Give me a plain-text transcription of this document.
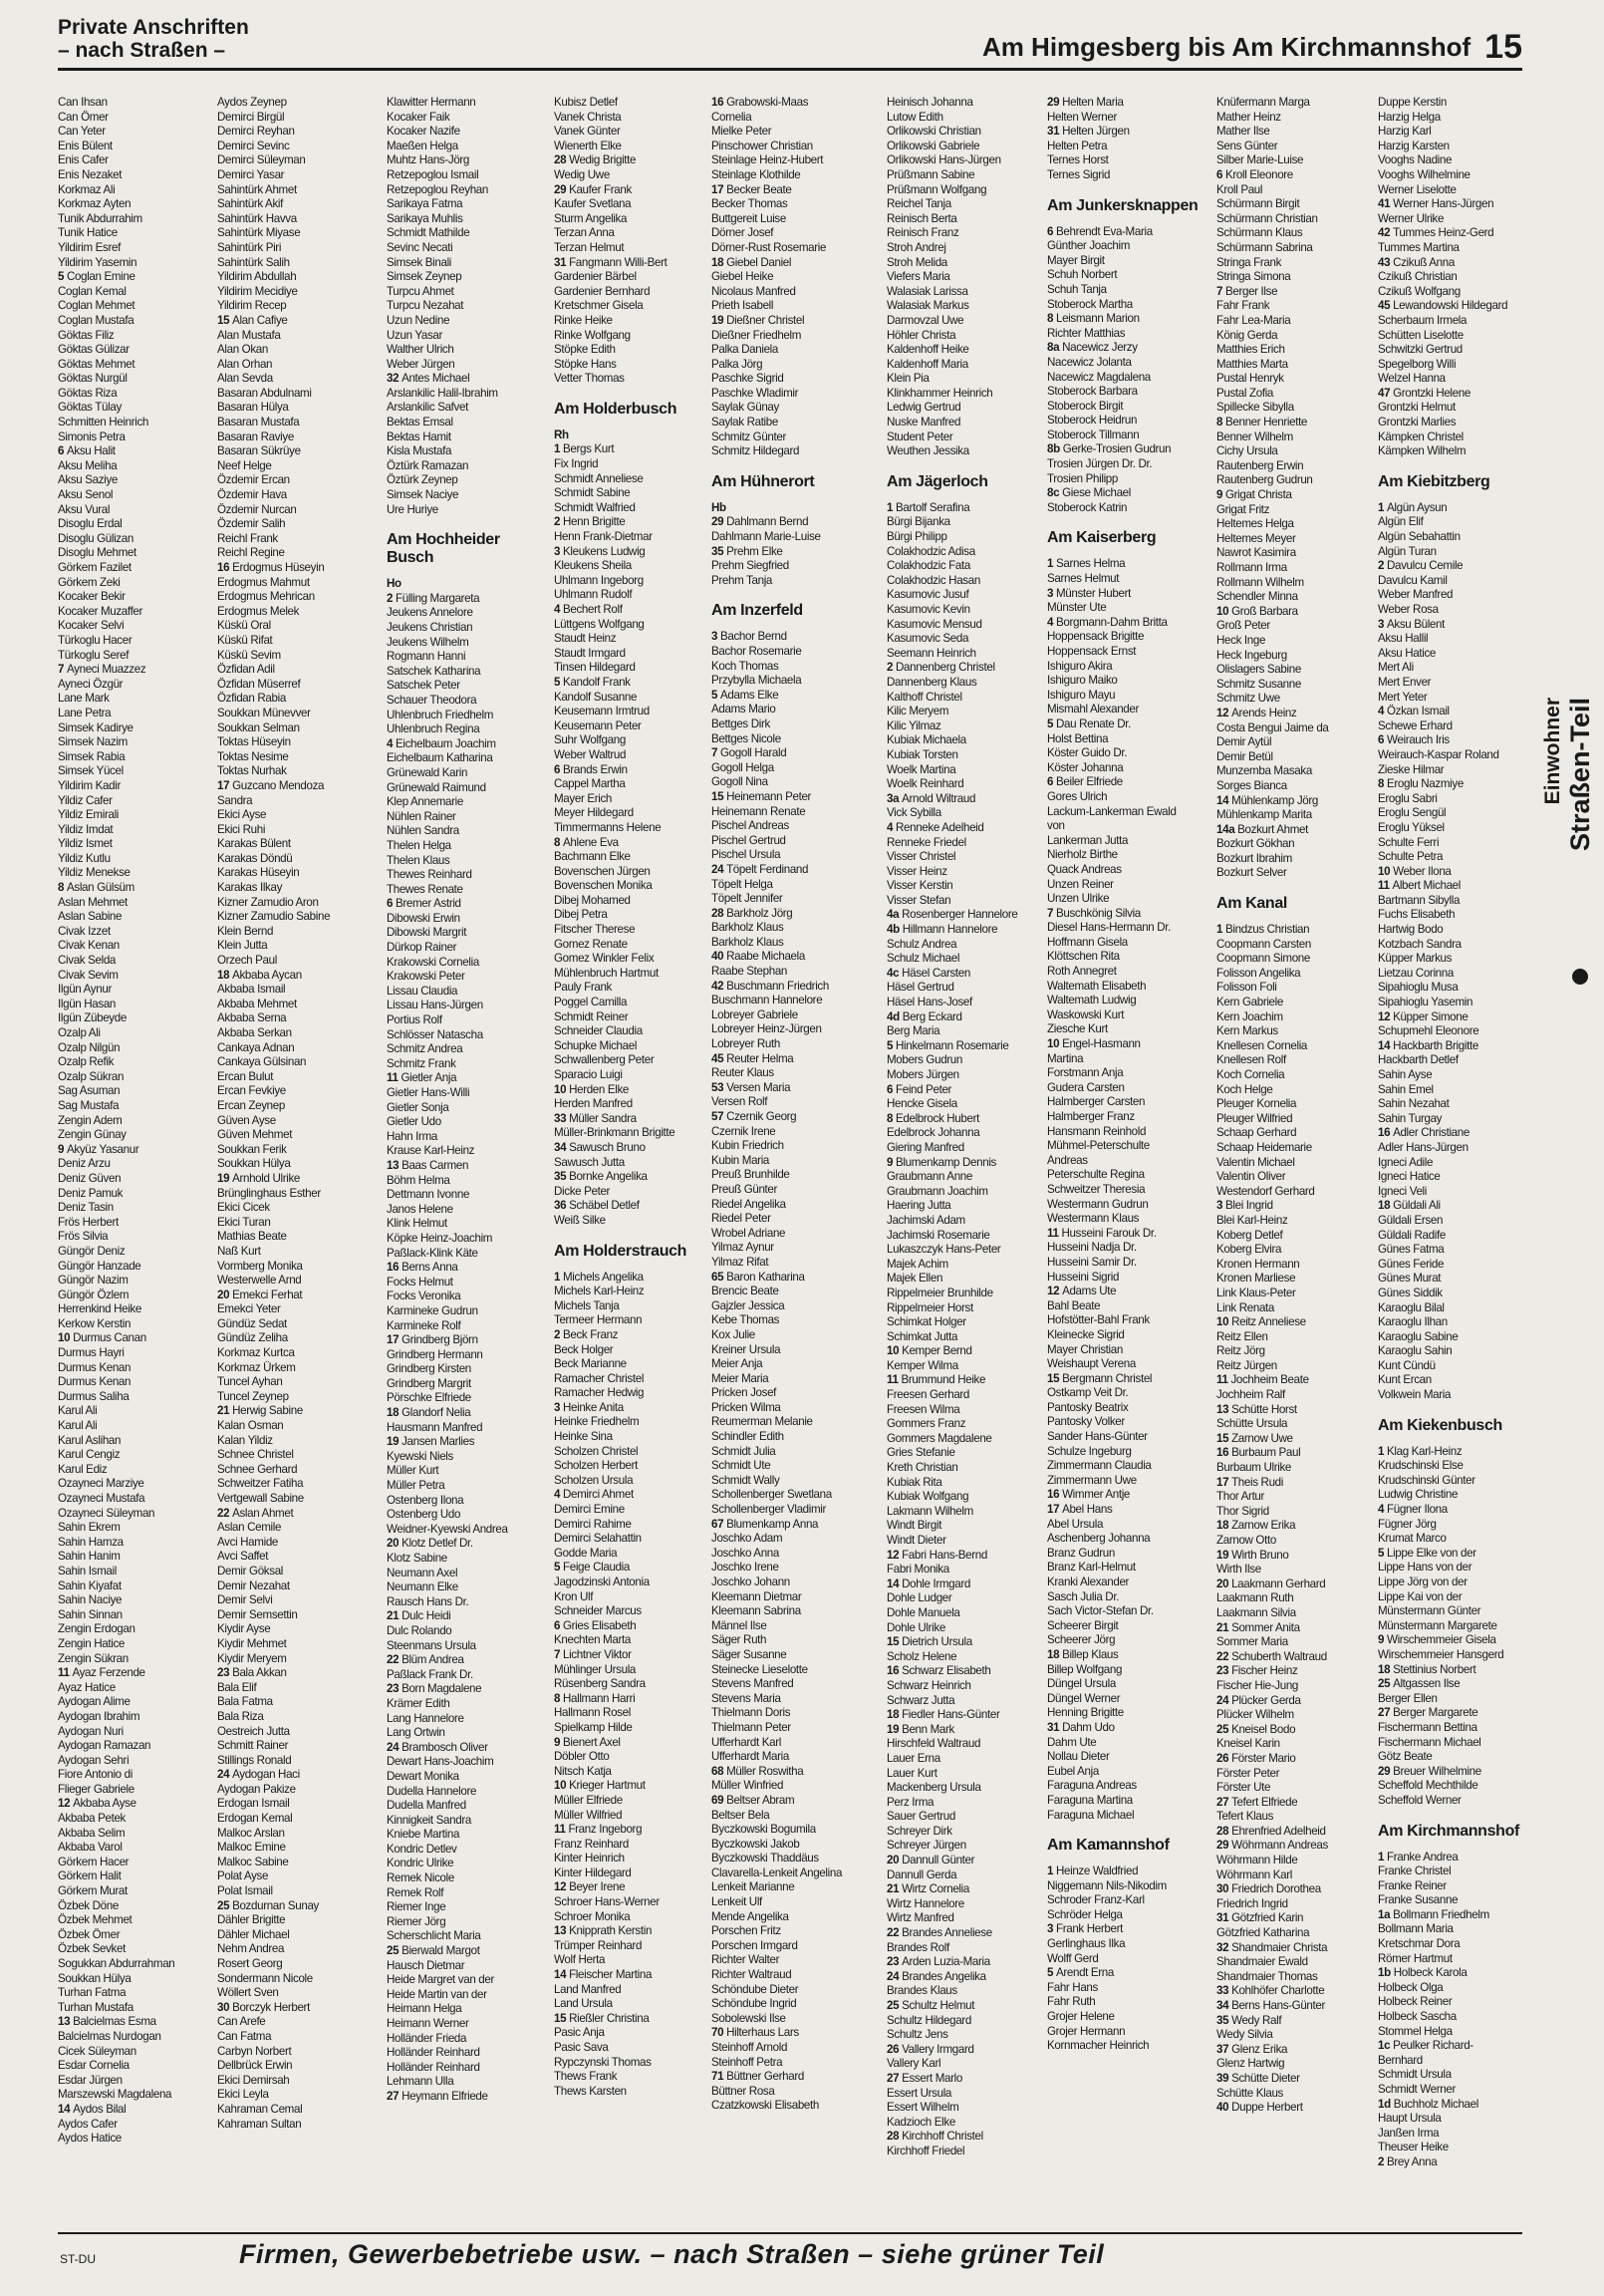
Private Anschriften
– nach Straßen –	Am Himgesberg bis Am Kirchmannshof 15
Can Ihsan
Can Ömer
Can Yeter
Enis Bülent
Enis Cafer
Enis Nezaket
Korkmaz Ali
Korkmaz Ayten
Tunik Abdurrahim
Tunik Hatice
Yildirim Esref
Yildirim Yasemin
5 Coglan Emine
Coglan Kemal
Coglan Mehmet
Coglan Mustafa
Göktas Filiz
Göktas Gülizar
Göktas Mehmet
Göktas Nurgül
Göktas Riza
Göktas Tülay
Schmitten Heinrich
Simonis Petra
6 Aksu Halit
Aksu Meliha
Aksu Saziye
Aksu Senol
Aksu Vural
Disoglu Erdal
Disoglu Gülizan
Disoglu Mehmet
Görkem Fazilet
Görkem Zeki
Kocaker Bekir
Kocaker Muzaffer
Kocaker Selvi
Türkoglu Hacer
Türkoglu Seref
7 Ayneci Muazzez
Ayneci Özgür
Lane Mark
Lane Petra
Simsek Kadirye
Simsek Nazim
Simsek Rabia
Simsek Yücel
Yildirim Kadir
Yildiz Cafer
Yildiz Emirali
Yildiz Imdat
Yildiz Ismet
Yildiz Kutlu
Yildiz Menekse
8 Aslan Gülsüm
Aslan Mehmet
Aslan Sabine
Civak Izzet
Civak Kenan
Civak Selda
Civak Sevim
Ilgün Aynur
Ilgün Hasan
Ilgün Zübeyde
Ozalp Ali
Ozalp Nilgün
Ozalp Refik
Ozalp Sükran
Sag Asuman
Sag Mustafa
Zengin Adem
Zengin Günay
9 Akyüz Yasanur
Deniz Arzu
Deniz Güven
Deniz Pamuk
Deniz Tasin
Frös Herbert
Frös Silvia
Güngör Deniz
Güngör Hanzade
Güngör Nazim
Güngör Özlem
Herrenkind Heike
Kerkow Kerstin
10 Durmus Canan
Durmus Hayri
Durmus Kenan
Durmus Kenan
Durmus Saliha
Karul Ali
Karul Ali
Karul Aslihan
Karul Cengiz
Karul Ediz
Ozayneci Marziye
Ozayneci Mustafa
Ozayneci Süleyman
Sahin Ekrem
Sahin Hamza
Sahin Hanim
Sahin Ismail
Sahin Kiyafat
Sahin Naciye
Sahin Sinnan
Zengin Erdogan
Zengin Hatice
Zengin Sükran
11 Ayaz Ferzende
Ayaz Hatice
Aydogan Alime
Aydogan Ibrahim
Aydogan Nuri
Aydogan Ramazan
Aydogan Sehri
Fiore Antonio di
Flieger Gabriele
12 Akbaba Ayse
Akbaba Petek
Akbaba Selim
Akbaba Varol
Görkem Hacer
Görkem Halit
Görkem Murat
Özbek Döne
Özbek Mehmet
Özbek Ömer
Özbek Sevket
Sogukkan Abdurrahman
Soukkan Hülya
Turhan Fatma
Turhan Mustafa
13 Balcielmas Esma
Balcielmas Nurdogan
Cicek Süleyman
Esdar Cornelia
Esdar Jürgen
Marszewski Magdalena
14 Aydos Bilal
Aydos Cafer
Aydos Hatice
Aydos Zeynep
Demirci Birgül
Demirci Reyhan
Demirci Sevinc
Demirci Süleyman
Demirci Yasar
Sahintürk Ahmet
Sahintürk Akif
Sahintürk Havva
Sahintürk Miyase
Sahintürk Piri
Sahintürk Salih
Yildirim Abdullah
Yildirim Mecidiye
Yildirim Recep
15 Alan Cafiye
Alan Mustafa
Alan Okan
Alan Orhan
Alan Sevda
Basaran Abdulnami
Basaran Hülya
Basaran Mustafa
Basaran Raviye
Basaran Sükrüye
Neef Helge
Özdemir Ercan
Özdemir Hava
Özdemir Nurcan
Özdemir Salih
Reichl Frank
Reichl Regine
16 Erdogmus Hüseyin
Erdogmus Mahmut
Erdogmus Mehrican
Erdogmus Melek
Küskü Oral
Küskü Rifat
Küskü Sevim
Özfidan Adil
Özfidan Müserref
Özfidan Rabia
Soukkan Münevver
Soukkan Selman
Toktas Hüseyin
Toktas Nesime
Toktas Nurhak
17 Guzcano Mendoza
Sandra
Ekici Ayse
Ekici Ruhi
Karakas Bülent
Karakas Döndü
Karakas Hüseyin
Karakas Ilkay
Kizner Zamudio Aron
Kizner Zamudio Sabine
Klein Bernd
Klein Jutta
Orzech Paul
18 Akbaba Aycan
Akbaba Ismail
Akbaba Mehmet
Akbaba Serna
Akbaba Serkan
Cankaya Adnan
Cankaya Gülsinan
Ercan Bulut
Ercan Fevkiye
Ercan Zeynep
Güven Ayse
Güven Mehmet
Soukkan Ferik
Soukkan Hülya
19 Arnhold Ulrike
Brünglinghaus Esther
Ekici Cicek
Ekici Turan
Mathias Beate
Naß Kurt
Vormberg Monika
Westerwelle Arnd
20 Emekci Ferhat
Emekci Yeter
Gündüz Sedat
Gündüz Zeliha
Korkmaz Kurtca
Korkmaz Ürkem
Tuncel Ayhan
Tuncel Zeynep
21 Herwig Sabine
Kalan Osman
Kalan Yildiz
Schnee Christel
Schnee Gerhard
Schweitzer Fatiha
Vertgewall Sabine
22 Aslan Ahmet
Aslan Cemile
Avci Hamide
Avci Saffet
Demir Göksal
Demir Nezahat
Demir Selvi
Demir Semsettin
Kiydir Ayse
Kiydir Mehmet
Kiydir Meryem
23 Bala Akkan
Bala Elif
Bala Fatma
Bala Riza
Oestreich Jutta
Schmitt Rainer
Stillings Ronald
24 Aydogan Haci
Aydogan Pakize
Erdogan Ismail
Erdogan Kemal
Malkoc Arslan
Malkoc Emine
Malkoc Sabine
Polat Ayse
Polat Ismail
25 Bozdurnan Sunay
Dähler Brigitte
Dähler Michael
Nehm Andrea
Rosert Georg
Sondermann Nicole
Wöllert Sven
30 Borczyk Herbert
Can Arefe
Can Fatma
Carbyn Norbert
Dellbrück Erwin
Ekici Demirsah
Ekici Leyla
Kahraman Cemal
Kahraman Sultan
Klawitter Hermann
Kocaker Faik
Kocaker Nazife
Maeßen Helga
Muhtz Hans-Jörg
Retzepoglou Ismail
Retzepoglou Reyhan
Sarikaya Fatma
Sarikaya Muhlis
Schmidt Mathilde
Sevinc Necati
Simsek Binali
Simsek Zeynep
Turpcu Ahmet
Turpcu Nezahat
Uzun Nedine
Uzun Yasar
Walther Ulrich
Weber Jürgen
32 Antes Michael
Arslankilic Halil-Ibrahim
Arslankilic Safvet
Bektas Emsal
Bektas Hamit
Kisla Mustafa
Öztürk Ramazan
Öztürk Zeynep
Simsek Naciye
Ure Huriye
Am Hochheider Busch
Ho
2 Fülling Margareta
Jeukens Annelore
Jeukens Christian
Jeukens Wilhelm
Rogmann Hanni
Satschek Katharina
Satschek Peter
Schauer Theodora
Uhlenbruch Friedhelm
Uhlenbruch Regina
4 Eichelbaum Joachim
Eichelbaum Katharina
Grünewald Karin
Grünewald Raimund
Klep Annemarie
Nühlen Rainer
Nühlen Sandra
Thelen Helga
Thelen Klaus
Thewes Reinhard
Thewes Renate
6 Bremer Astrid
Dibowski Erwin
Dibowski Margrit
Dürkop Rainer
Krakowski Cornelia
Krakowski Peter
Lissau Claudia
Lissau Hans-Jürgen
Portius Rolf
Schlösser Natascha
Schmitz Andrea
Schmitz Frank
11 Gietler Anja
Gietler Hans-Willi
Gietler Sonja
Gietler Udo
Hahn Irma
Krause Karl-Heinz
13 Baas Carmen
Böhm Helma
Dettmann Ivonne
Janos Helene
Klink Helmut
Köpke Heinz-Joachim
Paßlack-Klink Käte
16 Berns Anna
Focks Helmut
Focks Veronika
Karmineke Gudrun
Karmineke Rolf
17 Grindberg Björn
Grindberg Hermann
Grindberg Kirsten
Grindberg Margrit
Pörschke Elfriede
18 Glandorf Nelia
Hausmann Manfred
19 Jansen Marlies
Kyewski Niels
Müller Kurt
Müller Petra
Ostenberg Ilona
Ostenberg Udo
Weidner-Kyewski Andrea
20 Klotz Detlef Dr.
Klotz Sabine
Neumann Axel
Neumann Elke
Rausch Hans Dr.
21 Dulc Heidi
Dulc Rolando
Steenmans Ursula
22 Blüm Andrea
Paßlack Frank Dr.
23 Born Magdalene
Krämer Edith
Lang Hannelore
Lang Ortwin
24 Brambosch Oliver
Dewart Hans-Joachim
Dewart Monika
Dudella Hannelore
Dudella Manfred
Kinnigkeit Sandra
Kniebe Martina
Kondric Detlev
Kondric Ulrike
Remek Nicole
Remek Rolf
Riemer Inge
Riemer Jörg
Scherschlicht Maria
25 Bierwald Margot
Hausch Dietmar
Heide Margret van der
Heide Martin van der
Heimann Helga
Heimann Werner
Holländer Frieda
Holländer Reinhard
Holländer Reinhard
Lehmann Ulla
27 Heymann Elfriede
Kubisz Detlef
Vanek Christa
Vanek Günter
Wienerth Elke
28 Wedig Brigitte
Wedig Uwe
29 Kaufer Frank
Kaufer Svetlana
Sturm Angelika
Terzan Anna
Terzan Helmut
31 Fangmann Willi-Bert
Gardenier Bärbel
Gardenier Bernhard
Kretschmer Gisela
Rinke Heike
Rinke Wolfgang
Stöpke Edith
Stöpke Hans
Vetter Thomas
Am Holderbusch
Rh
1 Bergs Kurt
Fix Ingrid
Schmidt Anneliese
Schmidt Sabine
Schmidt Walfried
2 Henn Brigitte
Henn Frank-Dietmar
3 Kleukens Ludwig
Kleukens Sheila
Uhlmann Ingeborg
Uhlmann Rudolf
4 Bechert Rolf
Lüttgens Wolfgang
Staudt Heinz
Staudt Irmgard
Tinsen Hildegard
5 Kandolf Frank
Kandolf Susanne
Keusemann Irmtrud
Keusemann Peter
Suhr Wolfgang
Weber Waltrud
6 Brands Erwin
Cappel Martha
Mayer Erich
Meyer Hildegard
Timmermanns Helene
8 Ahlene Eva
Bachmann Elke
Bovenschen Jürgen
Bovenschen Monika
Dibej Mohamed
Dibej Petra
Fitscher Therese
Gomez Renate
Gomez Winkler Felix
Mühlenbruch Hartmut
Pauly Frank
Poggel Camilla
Schmidt Reiner
Schneider Claudia
Schupke Michael
Schwallenberg Peter
Sparacio Luigi
10 Herden Elke
Herden Manfred
33 Müller Sandra
Müller-Brinkmann Brigitte
34 Sawusch Bruno
Sawusch Jutta
35 Bornke Angelika
Dicke Peter
36 Schäbel Detlef
Weiß Silke
Am Holderstrauch
1 Michels Angelika
Michels Karl-Heinz
Michels Tanja
Termeer Hermann
2 Beck Franz
Beck Holger
Beck Marianne
Ramacher Christel
Ramacher Hedwig
3 Heinke Anita
Heinke Friedhelm
Heinke Sina
Scholzen Christel
Scholzen Herbert
Scholzen Ursula
4 Demirci Ahmet
Demirci Emine
Demirci Rahime
Demirci Selahattin
Godde Maria
5 Feige Claudia
Jagodzinski Antonia
Kron Ulf
Schneider Marcus
6 Gries Elisabeth
Knechten Marta
7 Lichtner Viktor
Mühlinger Ursula
Rüsenberg Sandra
8 Hallmann Harri
Hallmann Rosel
Spielkamp Hilde
9 Bienert Axel
Döbler Otto
Nitsch Katja
10 Krieger Hartmut
Müller Elfriede
Müller Wilfried
11 Franz Ingeborg
Franz Reinhard
Kinter Heinrich
Kinter Hildegard
12 Beyer Irene
Schroer Hans-Werner
Schroer Monika
13 Knipprath Kerstin
Trümper Reinhard
Wolf Herta
14 Fleischer Martina
Land Manfred
Land Ursula
15 Rießler Christina
Pasic Anja
Pasic Sava
Rypczynski Thomas
Thews Frank
Thews Karsten
16 Grabowski-Maas
Cornelia
Mielke Peter
Pinschower Christian
Steinlage Heinz-Hubert
Steinlage Klothilde
17 Becker Beate
Becker Thomas
Buttgereit Luise
Dörner Josef
Dörner-Rust Rosemarie
18 Giebel Daniel
Giebel Heike
Nicolaus Manfred
Prieth Isabell
19 Dießner Christel
Dießner Friedhelm
Palka Daniela
Palka Jörg
Paschke Sigrid
Paschke Wladimir
Saylak Günay
Saylak Ratibe
Schmitz Günter
Schmitz Hildegard
Am Hühnerort
Hb
29 Dahlmann Bernd
Dahlmann Marie-Luise
35 Prehm Elke
Prehm Siegfried
Prehm Tanja
Am Inzerfeld
3 Bachor Bernd
Bachor Rosemarie
Koch Thomas
Przybylla Michaela
5 Adams Elke
Adams Mario
Bettges Dirk
Bettges Nicole
7 Gogoll Harald
Gogoll Helga
Gogoll Nina
15 Heinemann Peter
Heinemann Renate
Pischel Andreas
Pischel Gertrud
Pischel Ursula
24 Töpelt Ferdinand
Töpelt Helga
Töpelt Jennifer
28 Barkholz Jörg
Barkholz Klaus
Barkholz Klaus
40 Raabe Michaela
Raabe Stephan
42 Buschmann Friedrich
Buschmann Hannelore
Lobreyer Gabriele
Lobreyer Heinz-Jürgen
Lobreyer Ruth
45 Reuter Helma
Reuter Klaus
53 Versen Maria
Versen Rolf
57 Czernik Georg
Czernik Irene
Kubin Friedrich
Kubin Maria
Preuß Brunhilde
Preuß Günter
Riedel Angelika
Riedel Peter
Wrobel Adriane
Yilmaz Aynur
Yilmaz Rifat
65 Baron Katharina
Brencic Beate
Gajzler Jessica
Kebe Thomas
Kox Julie
Kreiner Ursula
Meier Anja
Meier Maria
Pricken Josef
Pricken Wilma
Reumerman Melanie
Schindler Edith
Schmidt Julia
Schmidt Ute
Schmidt Wally
Schollenberger Swetlana
Schollenberger Vladimir
67 Blumenkamp Anna
Joschko Adam
Joschko Anna
Joschko Irene
Joschko Johann
Kleemann Dietmar
Kleemann Sabrina
Männel Ilse
Säger Ruth
Säger Susanne
Steinecke Lieselotte
Stevens Manfred
Stevens Maria
Thielmann Doris
Thielmann Peter
Ufferhardt Karl
Ufferhardt Maria
68 Müller Roswitha
Müller Winfried
69 Beltser Abram
Beltser Bela
Byczkowski Bogumila
Byczkowski Jakob
Byczkowski Thaddäus
Clavarella-Lenkeit Angelina
Lenkeit Marianne
Lenkeit Ulf
Mende Angelika
Porschen Fritz
Porschen Irmgard
Richter Walter
Richter Waltraud
Schöndube Dieter
Schöndube Ingrid
Sobolewski Ilse
70 Hilterhaus Lars
Steinhoff Arnold
Steinhoff Petra
71 Büttner Gerhard
Büttner Rosa
Czatzkowski Elisabeth
Heinisch Johanna
Lutow Edith
Orlikowski Christian
Orlikowski Gabriele
Orlikowski Hans-Jürgen
Prüßmann Sabine
Prüßmann Wolfgang
Reichel Tanja
Reinisch Berta
Reinisch Franz
Stroh Andrej
Stroh Melida
Viefers Maria
Walasiak Larissa
Walasiak Markus
Darmovzal Uwe
Höhler Christa
Kaldenhoff Heike
Kaldenhoff Maria
Klein Pia
Klinkhammer Heinrich
Ledwig Gertrud
Nuske Manfred
Student Peter
Weuthen Jessika
Am Jägerloch
1 Bartolf Serafina
Bürgi Bijanka
Bürgi Philipp
Colakhodzic Adisa
Colakhodzic Fata
Colakhodzic Hasan
Kasumovic Jusuf
Kasumovic Kevin
Kasumovic Mensud
Kasumovic Seda
Seemann Heinrich
2 Dannenberg Christel
Dannenberg Klaus
Kalthoff Christel
Kilic Meryem
Kilic Yilmaz
Kubiak Michaela
Kubiak Torsten
Woelk Martina
Woelk Reinhard
3a Arnold Wiltraud
Vick Sybilla
4 Renneke Adelheid
Renneke Friedel
Visser Christel
Visser Heinz
Visser Kerstin
Visser Stefan
4a Rosenberger Hannelore
4b Hillmann Hannelore
Schulz Andrea
Schulz Michael
4c Häsel Carsten
Häsel Gertrud
Häsel Hans-Josef
4d Berg Eckard
Berg Maria
5 Hinkelmann Rosemarie
Mobers Gudrun
Mobers Jürgen
6 Feind Peter
Hencke Gisela
8 Edelbrock Hubert
Edelbrock Johanna
Giering Manfred
9 Blumenkamp Dennis
Graubmann Anne
Graubmann Joachim
Haering Jutta
Jachimski Adam
Jachimski Rosemarie
Lukaszczyk Hans-Peter
Majek Achim
Majek Ellen
Rippelmeier Brunhilde
Rippelmeier Horst
Schimkat Holger
Schimkat Jutta
10 Kemper Bernd
Kemper Wilma
11 Brummund Heike
Freesen Gerhard
Freesen Wilma
Gommers Franz
Gommers Magdalene
Gries Stefanie
Kreth Christian
Kubiak Rita
Kubiak Wolfgang
Lakmann Wilhelm
Windt Birgit
Windt Dieter
12 Fabri Hans-Bernd
Fabri Monika
14 Dohle Irmgard
Dohle Ludger
Dohle Manuela
Dohle Ulrike
15 Dietrich Ursula
Scholz Helene
16 Schwarz Elisabeth
Schwarz Heinrich
Schwarz Jutta
18 Fiedler Hans-Günter
19 Benn Mark
Hirschfeld Waltraud
Lauer Erna
Lauer Kurt
Mackenberg Ursula
Perz Irma
Sauer Gertrud
Schreyer Dirk
Schreyer Jürgen
20 Dannull Günter
Dannull Gerda
21 Wirtz Cornelia
Wirtz Hannelore
Wirtz Manfred
22 Brandes Anneliese
Brandes Rolf
23 Arden Luzia-Maria
24 Brandes Angelika
Brandes Klaus
25 Schultz Helmut
Schultz Hildegard
Schultz Jens
26 Vallery Irmgard
Vallery Karl
27 Essert Marlo
Essert Ursula
Essert Wilhelm
Kadzioch Elke
28 Kirchhoff Christel
Kirchhoff Friedel
29 Helten Maria
Helten Werner
31 Helten Jürgen
Helten Petra
Ternes Horst
Ternes Sigrid
Am Junkersknappen
6 Behrendt Eva-Maria
Günther Joachim
Mayer Birgit
Schuh Norbert
Schuh Tanja
Stoberock Martha
8 Leismann Marion
Richter Matthias
8a Nacewicz Jerzy
Nacewicz Jolanta
Nacewicz Magdalena
Stoberock Barbara
Stoberock Birgit
Stoberock Heidrun
Stoberock Tillmann
8b Gerke-Trosien Gudrun
Trosien Jürgen Dr. Dr.
Trosien Philipp
8c Giese Michael
Stoberock Katrin
Am Kaiserberg
1 Sarnes Helma
Sarnes Helmut
3 Münster Hubert
Münster Ute
4 Borgmann-Dahm Britta
Hoppensack Brigitte
Hoppensack Ernst
Ishiguro Akira
Ishiguro Maiko
Ishiguro Mayu
Mismahl Alexander
5 Dau Renate Dr.
Holst Bettina
Köster Guido Dr.
Köster Johanna
6 Beiler Elfriede
Gores Ulrich
Lackum-Lankerman Ewald
von
Lankerman Jutta
Nierholz Birthe
Quack Andreas
Unzen Reiner
Unzen Ulrike
7 Buschkönig Silvia
Diesel Hans-Hermann Dr.
Hoffmann Gisela
Klöttschen Rita
Roth Annegret
Waltemath Elisabeth
Waltemath Ludwig
Waskowski Kurt
Ziesche Kurt
10 Engel-Hasmann
Martina
Forstmann Anja
Gudera Carsten
Halmberger Carsten
Halmberger Franz
Hansmann Reinhold
Mühmel-Peterschulte
Andreas
Peterschulte Regina
Schweitzer Theresia
Westermann Gudrun
Westermann Klaus
11 Husseini Farouk Dr.
Husseini Nadja Dr.
Husseini Samir Dr.
Husseini Sigrid
12 Adams Ute
Bahl Beate
Hofstötter-Bahl Frank
Kleinecke Sigrid
Mayer Christian
Weishaupt Verena
15 Bergmann Christel
Ostkamp Veit Dr.
Pantosky Beatrix
Pantosky Volker
Sander Hans-Günter
Schulze Ingeburg
Zimmermann Claudia
Zimmermann Uwe
16 Wimmer Antje
17 Abel Hans
Abel Ursula
Aschenberg Johanna
Branz Gudrun
Branz Karl-Helmut
Kranki Alexander
Sasch Julia Dr.
Sach Victor-Stefan Dr.
Scheerer Birgit
Scheerer Jörg
18 Billep Klaus
Billep Wolfgang
Düngel Ursula
Düngel Werner
Henning Brigitte
31 Dahm Udo
Dahm Ute
Nollau Dieter
Eubel Anja
Faraguna Andreas
Faraguna Martina
Faraguna Michael
Am Kamannshof
1 Heinze Waldfried
Niggemann Nils-Nikodim
Schroder Franz-Karl
Schröder Helga
3 Frank Herbert
Gerlinghaus Ilka
Wolff Gerd
5 Arendt Erna
Fahr Hans
Fahr Ruth
Grojer Helene
Grojer Hermann
Kornmacher Heinrich
Knüfermann Marga
Mather Heinz
Mather Ilse
Sens Günter
Silber Marie-Luise
6 Kroll Eleonore
Kroll Paul
Schürmann Birgit
Schürmann Christian
Schürmann Klaus
Schürmann Sabrina
Stringa Frank
Stringa Simona
7 Berger Ilse
Fahr Frank
Fahr Lea-Maria
König Gerda
Matthies Erich
Matthies Marta
Pustal Henryk
Pustal Zofia
Spillecke Sibylla
8 Benner Henriette
Benner Wilhelm
Cichy Ursula
Rautenberg Erwin
Rautenberg Gudrun
9 Grigat Christa
Grigat Fritz
Heltemes Helga
Heltemes Meyer
Nawrot Kasimira
Rollmann Irma
Rollmann Wilhelm
Schendler Minna
10 Groß Barbara
Groß Peter
Heck Inge
Heck Ingeburg
Olislagers Sabine
Schmitz Susanne
Schmitz Uwe
12 Arends Heinz
Costa Bengui Jaime da
Demir Aytül
Demir Betül
Munzemba Masaka
Sorges Bianca
14 Mühlenkamp Jörg
Mühlenkamp Marita
14a Bozkurt Ahmet
Bozkurt Gökhan
Bozkurt Ibrahim
Bozkurt Selver
Am Kanal
1 Bindzus Christian
Coopmann Carsten
Coopmann Simone
Folisson Angelika
Folisson Foli
Kern Gabriele
Kern Joachim
Kern Markus
Knellesen Cornelia
Knellesen Rolf
Koch Cornelia
Koch Helge
Pleuger Kornelia
Pleuger Wilfried
Schaap Gerhard
Schaap Heidemarie
Valentin Michael
Valentin Oliver
Westendorf Gerhard
3 Blei Ingrid
Blei Karl-Heinz
Koberg Detlef
Koberg Elvira
Kronen Hermann
Kronen Marliese
Link Klaus-Peter
Link Renata
10 Reitz Anneliese
Reitz Ellen
Reitz Jörg
Reitz Jürgen
11 Jochheim Beate
Jochheim Ralf
13 Schütte Horst
Schütte Ursula
15 Zarnow Uwe
16 Burbaum Paul
Burbaum Ulrike
17 Theis Rudi
Thor Artur
Thor Sigrid
18 Zarnow Erika
Zarnow Otto
19 Wirth Bruno
Wirth Ilse
20 Laakmann Gerhard
Laakmann Ruth
Laakmann Silvia
21 Sommer Anita
Sommer Maria
22 Schuberth Waltraud
23 Fischer Heinz
Fischer Hie-Jung
24 Plücker Gerda
Plücker Wilhelm
25 Kneisel Bodo
Kneisel Karin
26 Förster Mario
Förster Peter
Förster Ute
27 Tefert Elfriede
Tefert Klaus
28 Ehrenfried Adelheid
29 Wöhrmann Andreas
Wöhrmann Hilde
Wöhrmann Karl
30 Friedrich Dorothea
Friedrich Ingrid
31 Götzfried Karin
Götzfried Katharina
32 Shandmaier Christa
Shandmaier Ewald
Shandmaier Thomas
33 Kohlhöfer Charlotte
34 Berns Hans-Günter
35 Wedy Ralf
Wedy Silvia
37 Glenz Erika
Glenz Hartwig
39 Schütte Dieter
Schütte Klaus
40 Duppe Herbert
Duppe Kerstin
Harzig Helga
Harzig Karl
Harzig Karsten
Vooghs Nadine
Vooghs Wilhelmine
Werner Liselotte
41 Werner Hans-Jürgen
Werner Ulrike
42 Tummes Heinz-Gerd
Tummes Martina
43 Czikuß Anna
Czikuß Christian
Czikuß Wolfgang
45 Lewandowski Hildegard
Scherbaum Irmela
Schütten Liselotte
Schwitzki Gertrud
Spegelborg Willi
Welzel Hanna
47 Grontzki Helene
Grontzki Helmut
Grontzki Marlies
Kämpken Christel
Kämpken Wilhelm
Am Kiebitzberg
1 Algün Aysun
Algün Elif
Algün Sebahattin
Algün Turan
2 Davulcu Cemile
Davulcu Kamil
Weber Manfred
Weber Rosa
3 Aksu Bülent
Aksu Hallil
Aksu Hatice
Mert Ali
Mert Enver
Mert Yeter
4 Özkan Ismail
Schewe Erhard
6 Weirauch Iris
Weirauch-Kaspar Roland
Zieske Hilmar
8 Eroglu Nazmiye
Eroglu Sabri
Eroglu Sengül
Eroglu Yüksel
Schulte Ferri
Schulte Petra
10 Weber Ilona
11 Albert Michael
Bartmann Sibylla
Fuchs Elisabeth
Hartwig Bodo
Kotzbach Sandra
Küpper Markus
Lietzau Corinna
Sipahioglu Musa
Sipahioglu Yasemin
12 Küpper Simone
Schupmehl Eleonore
14 Hackbarth Brigitte
Hackbarth Detlef
Sahin Ayse
Sahin Emel
Sahin Nezahat
Sahin Turgay
16 Adler Christiane
Adler Hans-Jürgen
Igneci Adile
Igneci Hatice
Igneci Veli
18 Güldali Ali
Güldali Ersen
Güldali Radife
Günes Fatma
Günes Feride
Günes Murat
Günes Siddik
Karaoglu Bilal
Karaoglu Ilhan
Karaoglu Sabine
Karaoglu Sahin
Kunt Cündü
Kunt Ercan
Volkwein Maria
Am Kiekenbusch
1 Klag Karl-Heinz
Krudschinski Else
Krudschinski Günter
Ludwig Christine
4 Fügner Ilona
Fügner Jörg
Krumat Marco
5 Lippe Elke von der
Lippe Hans von der
Lippe Jörg von der
Lippe Kai von der
Münstermann Günter
Münstermann Margarete
9 Wirschemmeier Gisela
Wirschemmeier Hansgerd
18 Stettinius Norbert
25 Altgassen Ilse
Berger Ellen
27 Berger Margarete
Fischermann Bettina
Fischermann Michael
Götz Beate
29 Breuer Wilhelmine
Scheffold Mechthilde
Scheffold Werner
Am Kirchmannshof
1 Franke Andrea
Franke Christel
Franke Reiner
Franke Susanne
1a Bollmann Friedhelm
Bollmann Maria
Kretschmar Dora
Römer Hartmut
1b Holbeck Karola
Holbeck Olga
Holbeck Reiner
Holbeck Sascha
Stommel Helga
1c Peulker Richard-
Bernhard
Schmidt Ursula
Schmidt Werner
1d Buchholz Michael
Haupt Ursula
Janßen Irma
Theuser Heike
2 Brey Anna
Einwohner Straßen-Teil
ST-DU	Firmen, Gewerbebetriebe usw. – nach Straßen – siehe grüner Teil
